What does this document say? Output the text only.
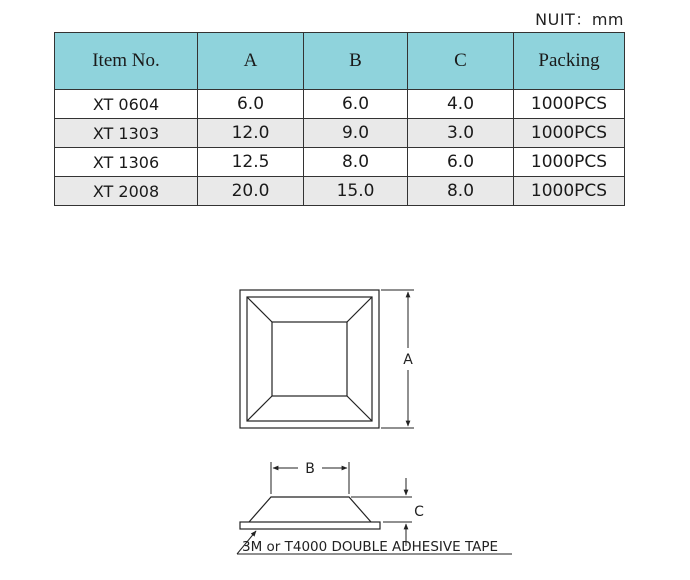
NUIT：mm
Item No.	A	B	C	Packing
XT 0604	6.0	6.0	4.0	1000PCS
XT 1303	12.0	9.0	3.0	1000PCS
XT 1306	12.5	8.0	6.0	1000PCS
XT 2008	20.0	15.0	8.0	1000PCS
A
B
C
3M or T4000 DOUBLE ADHESIVE TAPE
